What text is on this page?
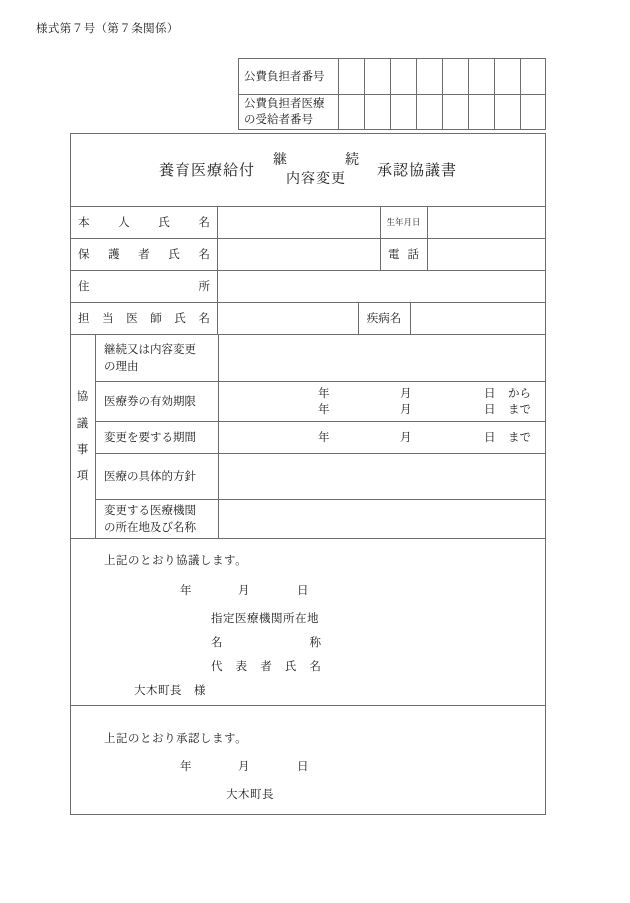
様式第７号（第７条関係）
公費負担者番号
公費負担者医療
の受給者番号
養育医療給付
継　　続
内容変更 承認協議書
本 人 氏 名	生年月日
保 護 者 氏 名	電 話
住	所
担 当 医 師 氏 名	疾病名
協
議
事
項
継続又は内容変更
の理由
医療券の有効期限
年	月	日 から
年	月	日 まで
変更を要する期間	年	月	日 まで
医療の具体的方針
変更する医療機関
の所在地及び名称
上記のとおり協議します。
年	月	日
指定医療機関所在地
名	称
代 表 者 氏 名
大木町長　様
上記のとおり承認します。
年	月	日
大木町長
